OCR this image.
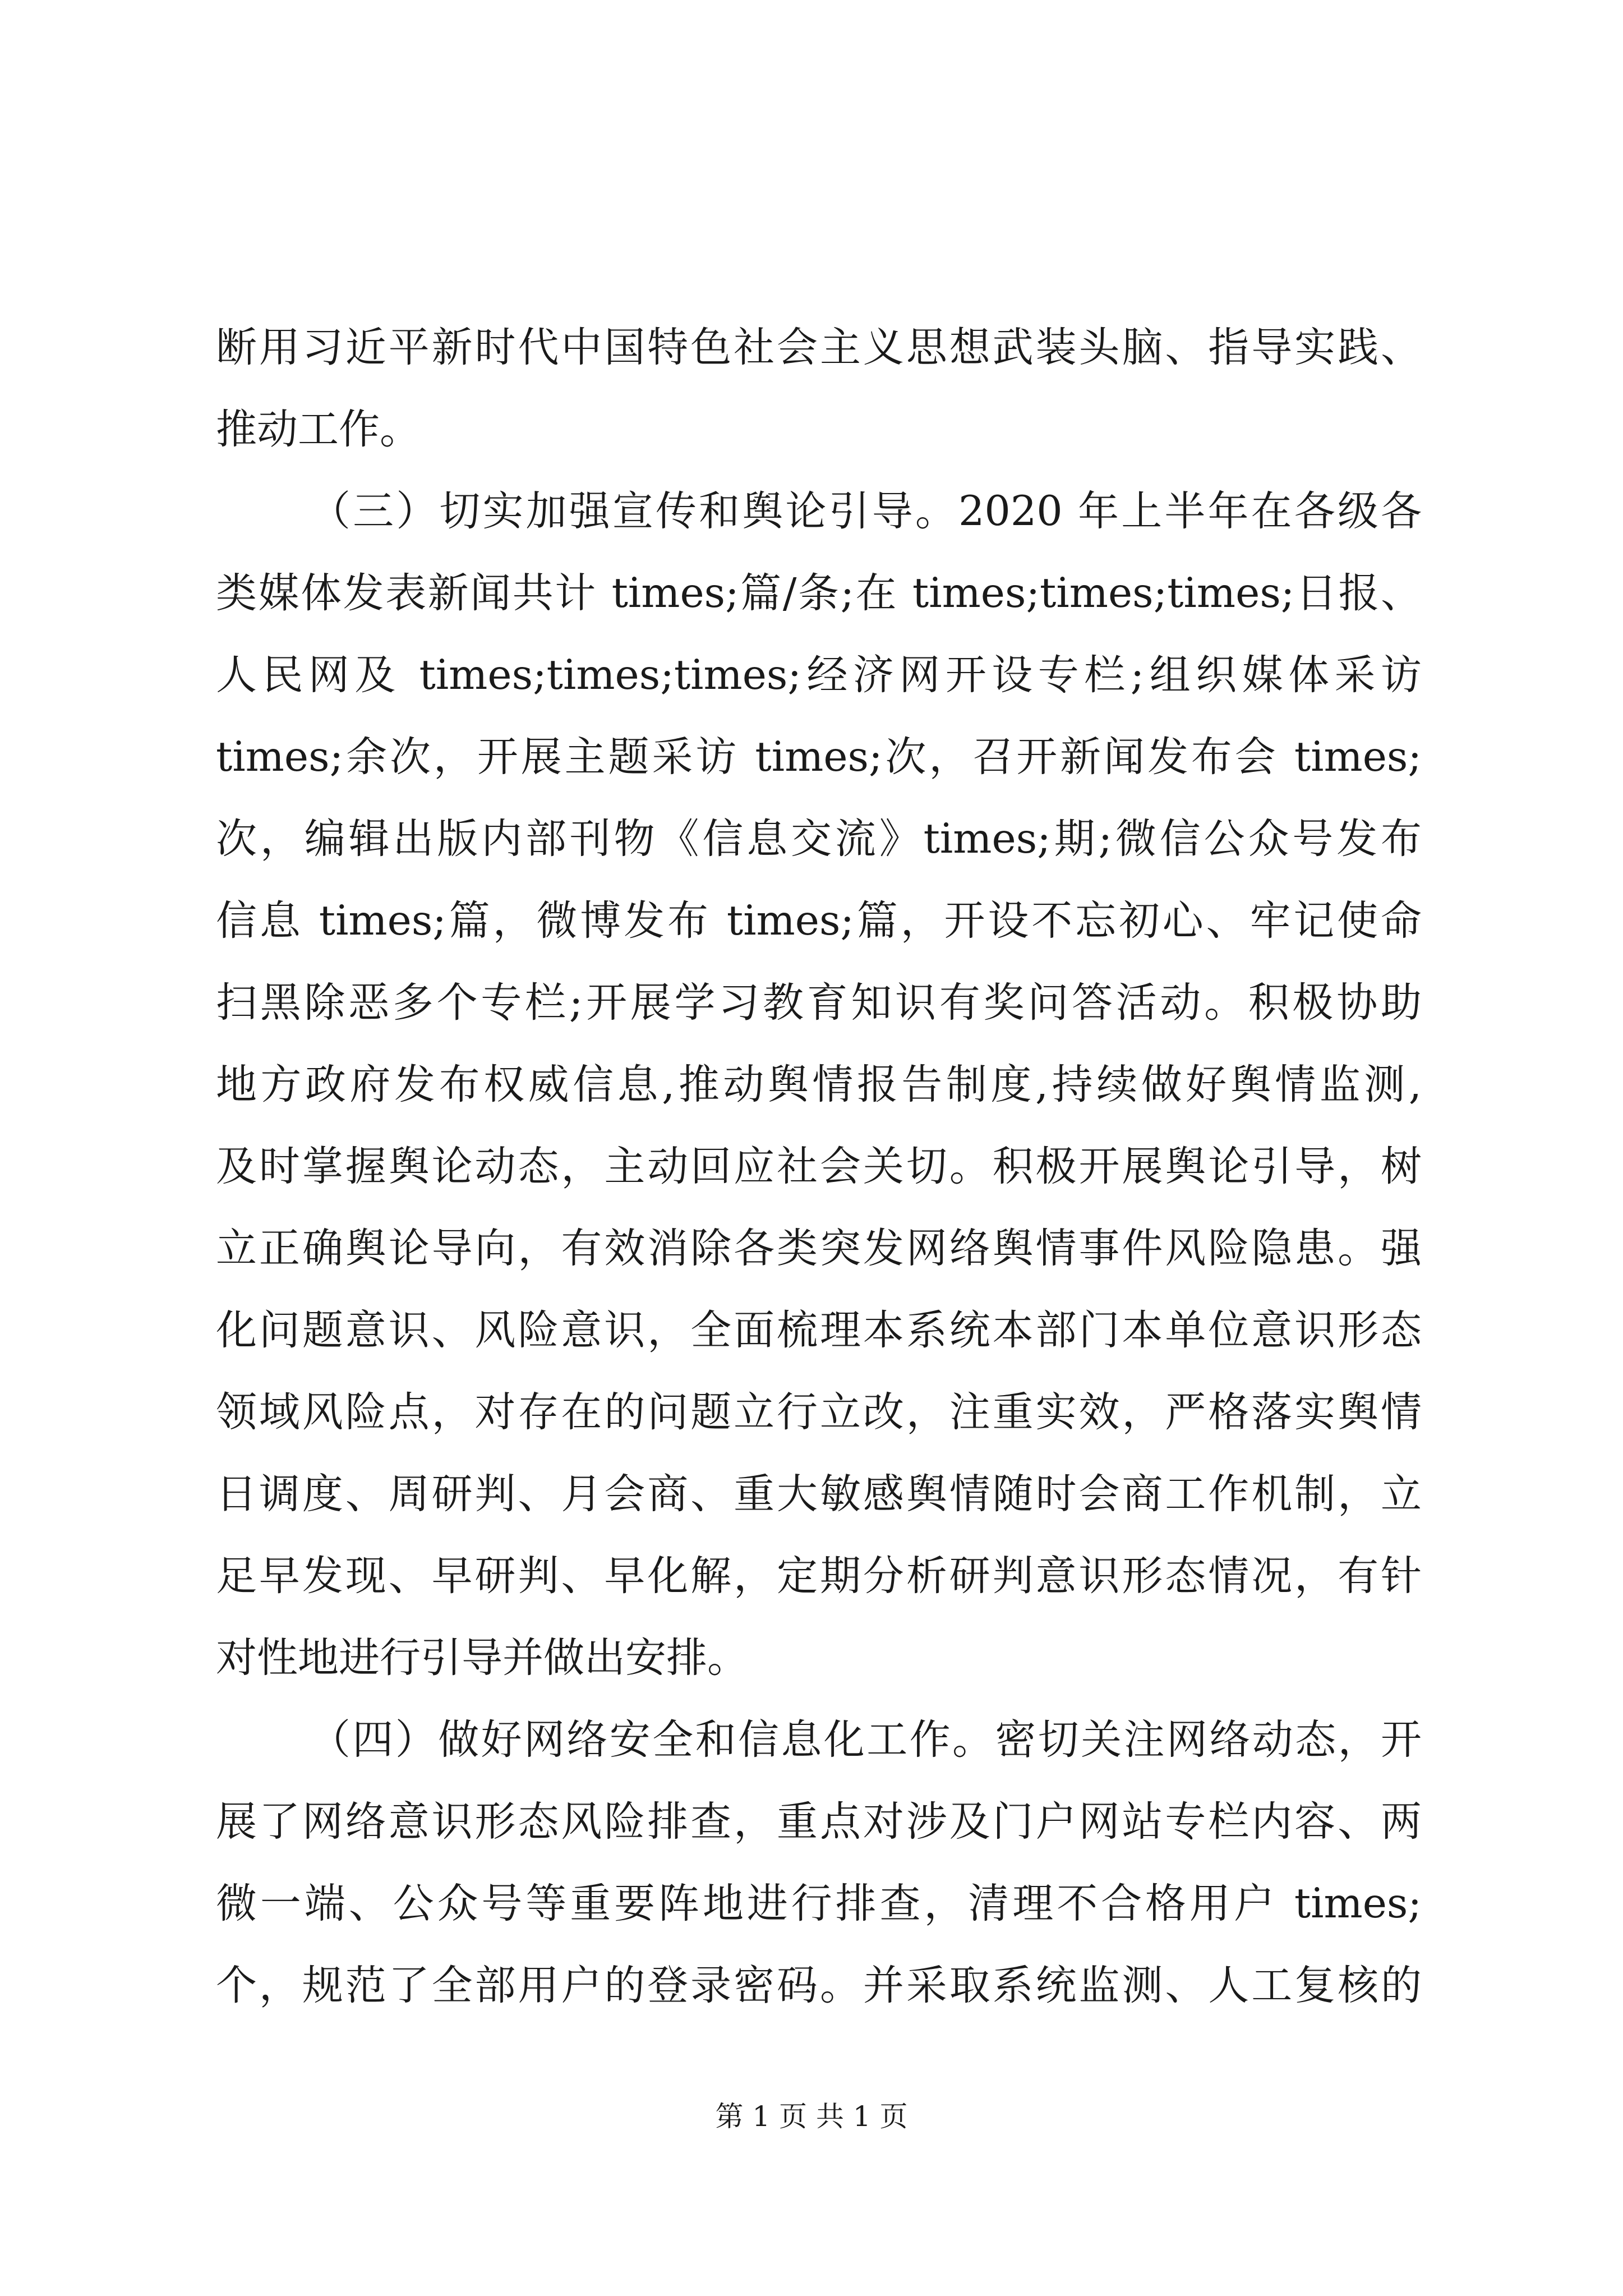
断用习近平新时代中国特色社会主义思想武装头脑、指导实践、
推动工作。
（三）切实加强宣传和舆论引导。2020 年上半年在各级各
类媒体发表新闻共计 times;篇/条;在 times;times;times;日报、
人民网及 times;times;times;经济网开设专栏;组织媒体采访
times;余次，开展主题采访 times;次，召开新闻发布会 times;
次，编辑出版内部刊物《信息交流》times;期;微信公众号发布
信息 times;篇，微博发布 times;篇，开设不忘初心、牢记使命
扫黑除恶多个专栏;开展学习教育知识有奖问答活动。积极协助
地方政府发布权威信息,推动舆情报告制度,持续做好舆情监测,
及时掌握舆论动态，主动回应社会关切。积极开展舆论引导，树
立正确舆论导向，有效消除各类突发网络舆情事件风险隐患。强
化问题意识、风险意识，全面梳理本系统本部门本单位意识形态
领域风险点，对存在的问题立行立改，注重实效，严格落实舆情
日调度、周研判、月会商、重大敏感舆情随时会商工作机制，立
足早发现、早研判、早化解，定期分析研判意识形态情况，有针
对性地进行引导并做出安排。
（四）做好网络安全和信息化工作。密切关注网络动态，开
展了网络意识形态风险排查，重点对涉及门户网站专栏内容、两
微一端、公众号等重要阵地进行排查，清理不合格用户 times;
个，规范了全部用户的登录密码。并采取系统监测、人工复核的
第 1 页 共 1 页
